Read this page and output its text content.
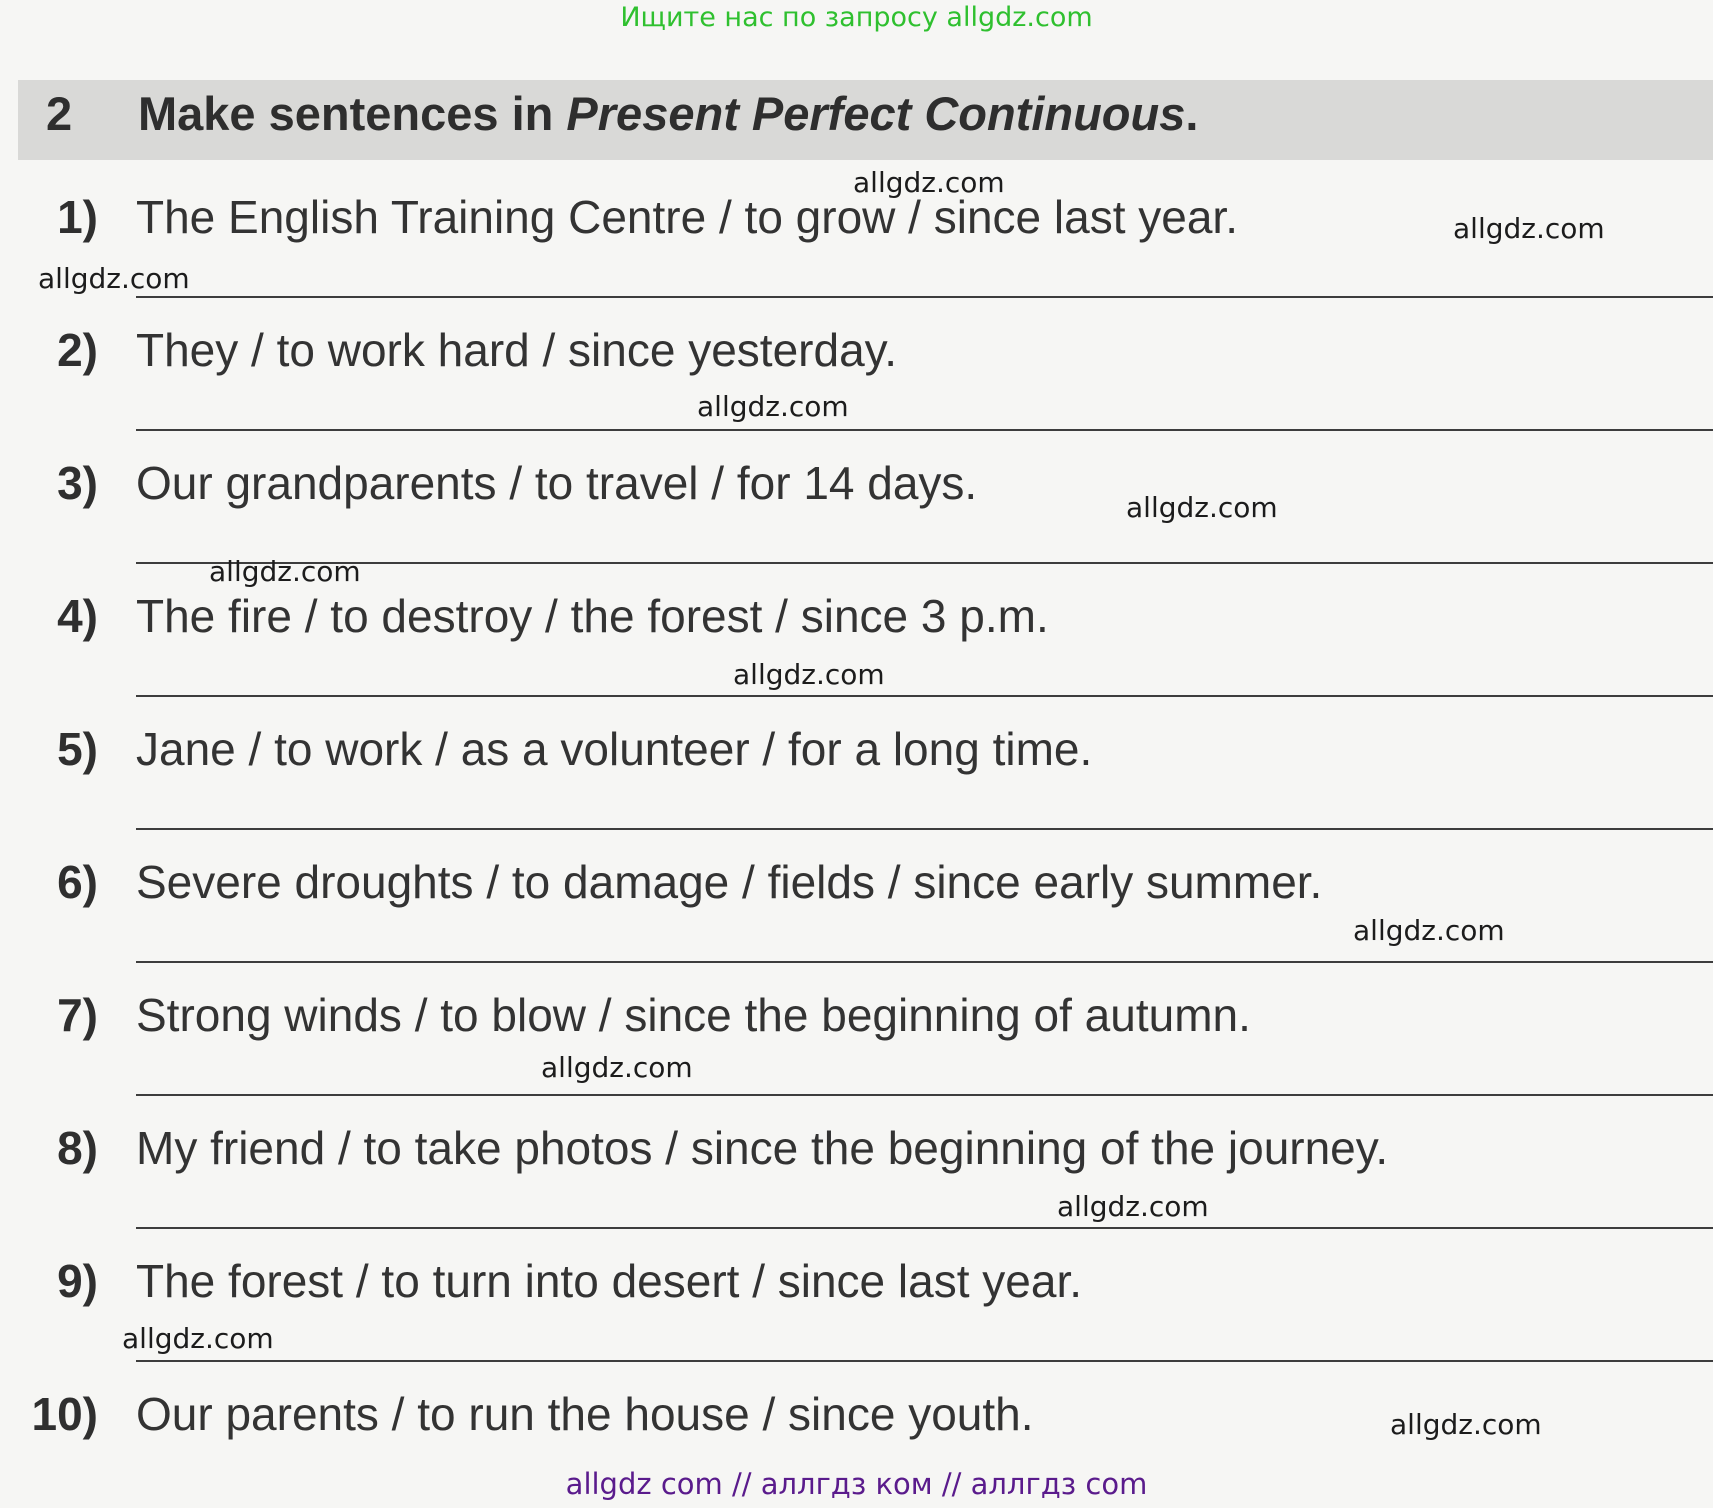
Ищите нас по запросу allgdz.com
2 Make sentences in Present Perfect Continuous.
1) The English Training Centre / to grow / since last year.
2) They / to work hard / since yesterday.
3) Our grandparents / to travel / for 14 days.
4) The fire / to destroy / the forest / since 3 p.m.
5) Jane / to work / as a volunteer / for a long time.
6) Severe droughts / to damage / fields / since early summer.
7) Strong winds / to blow / since the beginning of autumn.
8) My friend / to take photos / since the beginning of the journey.
9) The forest / to turn into desert / since last year.
10) Our parents / to run the house / since youth.
allgdz.com
allgdz.com
allgdz.com
allgdz.com
allgdz.com
allgdz.com
allgdz.com
allgdz.com
allgdz.com
allgdz.com
allgdz.com
allgdz.com
allgdz com // аллгдз ком // аллгдз com
